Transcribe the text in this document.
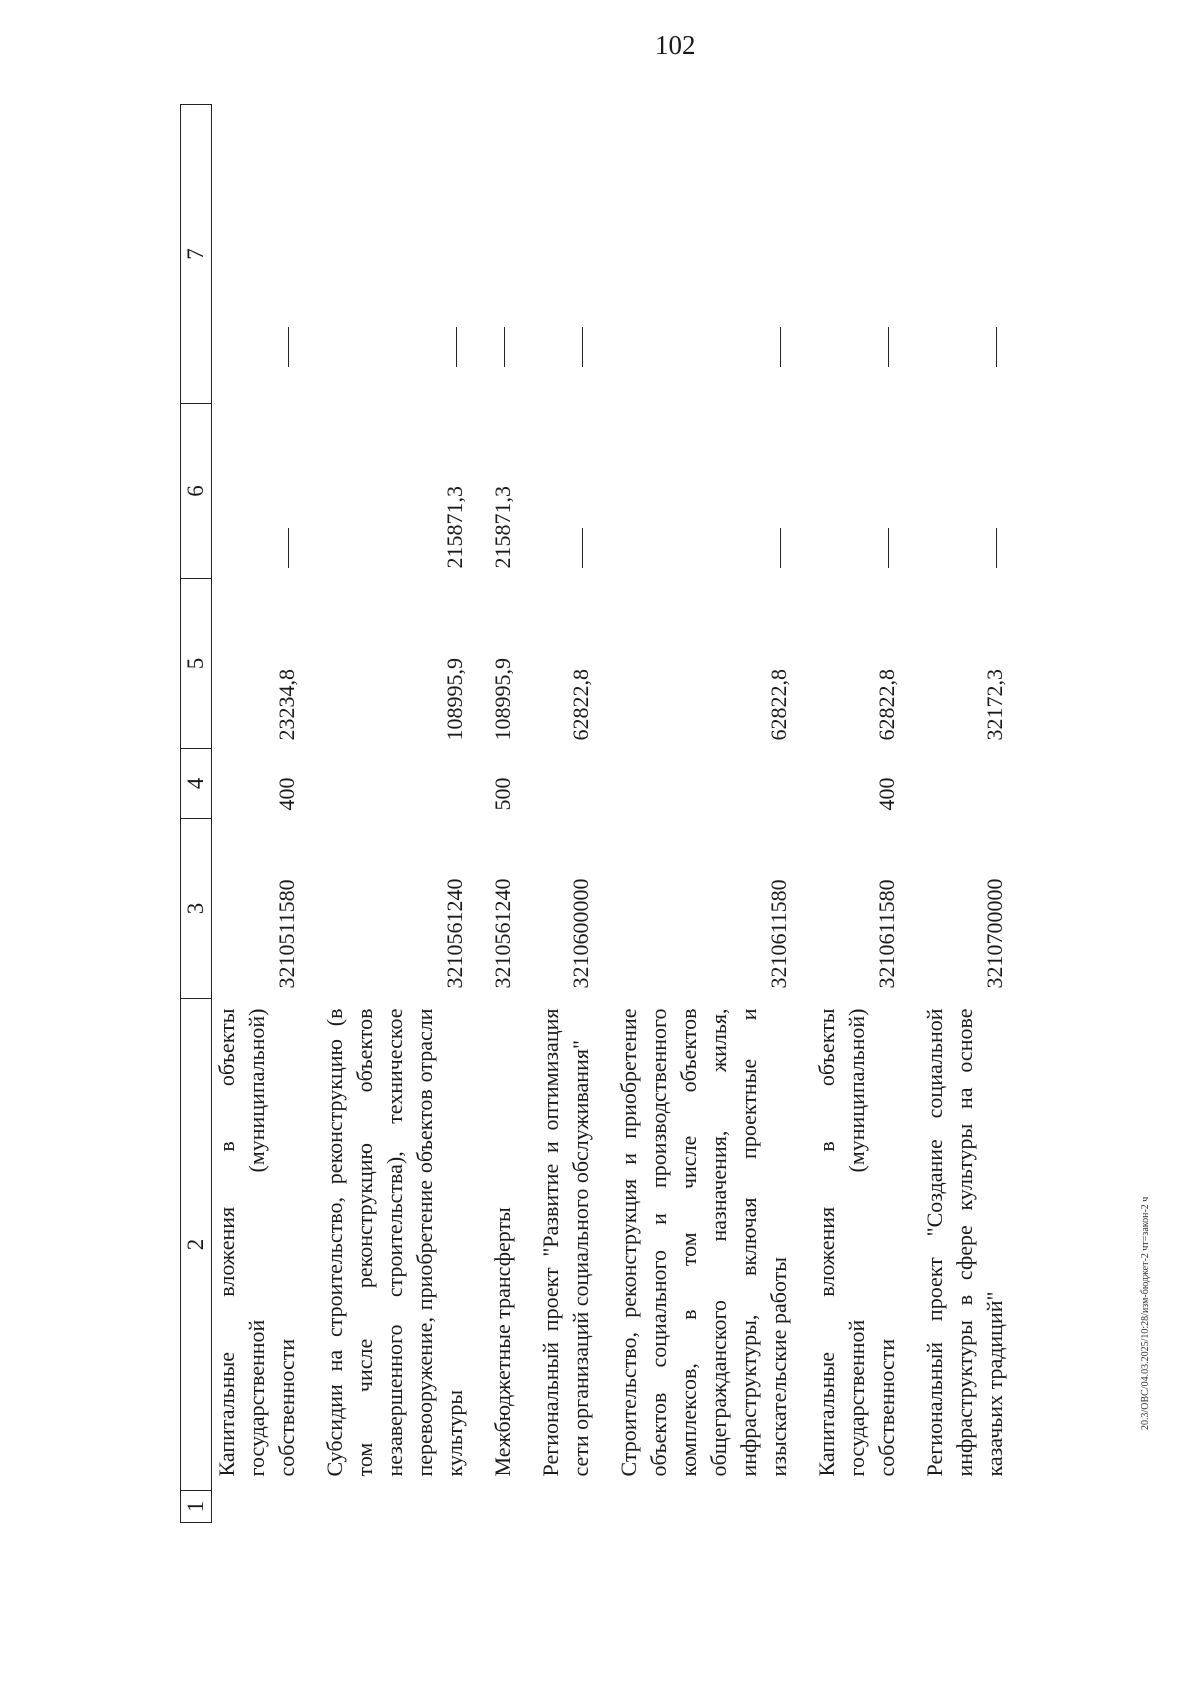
102
1	2	3	4	5	6	7
	Капитальные вложения в объекты государственной (муниципальной) собственности	3210511580	400	23234,8		

	Субсидии на строительство, реконструкцию (в том числе реконструкцию объектов незавершенного строительства), техническое перевооружение, приобретение объектов отрасли культуры	3210561240		108995,9	215871,3	

	Межбюджетные трансферты	3210561240	500	108995,9	215871,3	

	Региональный проект "Развитие и оптимизация сети организаций социального обслуживания"	3210600000		62822,8		

	Строительство, реконструкция и приобретение объектов социального и производственного комплексов, в том числе объектов общегражданского назначения, жилья, инфраструктуры, включая проектные и изыскательские работы	3210611580		62822,8		

	Капитальные вложения в объекты государственной (муниципальной) собственности	3210611580	400	62822,8		

	Региональный проект "Создание социальной инфраструктуры в сфере культуры на основе казачьих традиций"	3210700000		32172,3		
20.3/ОВС/04.03.2025/10:28/изм-бюджет-2 чт=закон-2 ч
